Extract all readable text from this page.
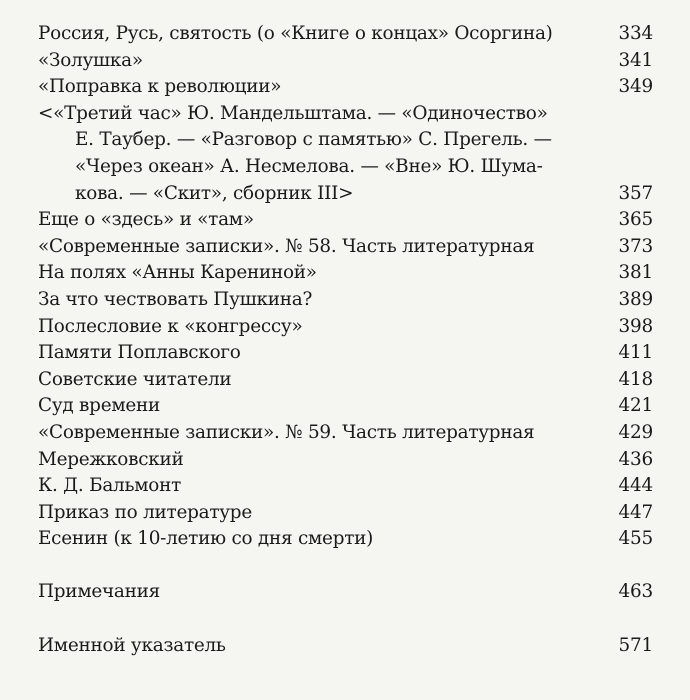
Россия, Русь, святость (о «Книге о концах» Осоргина)	334
«Золушка»	341
«Поправка к революции»	349
<«Третий час» Ю. Мандельштама. — «Одиночество»
Е. Таубер. — «Разговор с памятью» С. Прегель. —
«Через океан» А. Несмелова. — «Вне» Ю. Шума-
кова. — «Скит», сборник III>	357
Еще о «здесь» и «там»	365
«Современные записки». № 58. Часть литературная	373
На полях «Анны Карениной»	381
За что чествовать Пушкина?	389
Послесловие к «конгрессу»	398
Памяти Поплавского	411
Советские читатели	418
Суд времени	421
«Современные записки». № 59. Часть литературная	429
Мережковский	436
К. Д. Бальмонт	444
Приказ по литературе	447
Есенин (к 10-летию со дня смерти)	455
Примечания	463
Именной указатель	571
